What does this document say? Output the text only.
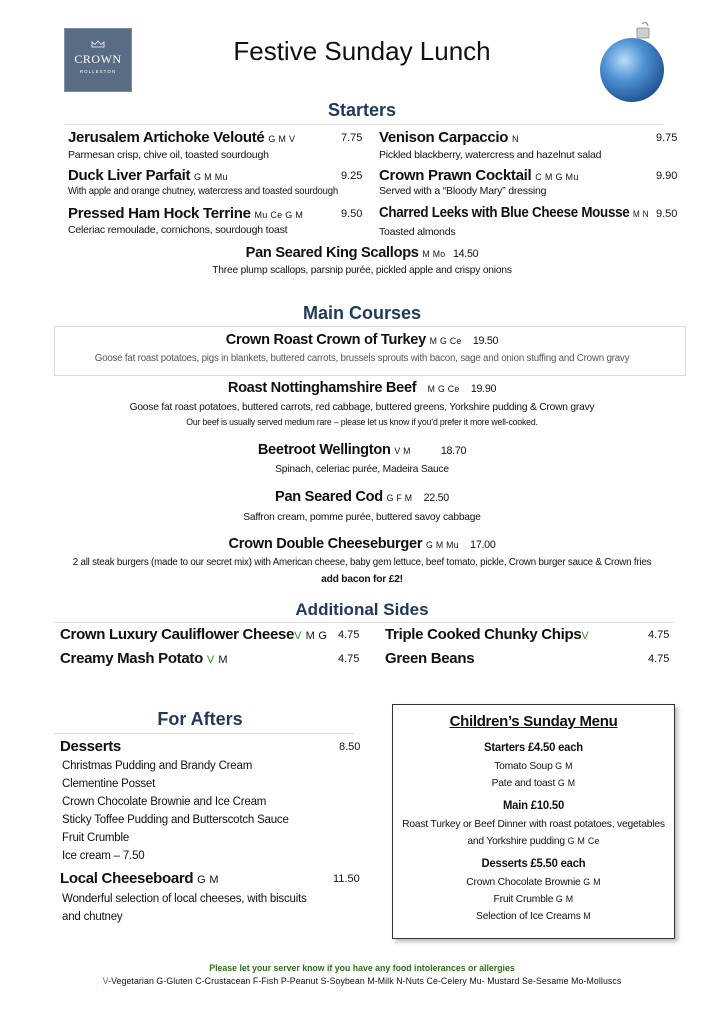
CROWN
ROLLESTON
Festive Sunday Lunch
Starters
Jerusalem Artichoke Velouté G M V	7.75
Parmesan crisp, chive oil, toasted sourdough
Duck Liver Parfait G M Mu	9.25
With apple and orange chutney, watercress and toasted sourdough
Pressed Ham Hock Terrine Mu Ce G M	9.50
Celeriac remoulade, cornichons, sourdough toast
Venison Carpaccio N	9.75
Pickled blackberry, watercress and hazelnut salad
Crown Prawn Cocktail C M G Mu	9.90
Served with a “Bloody Mary” dressing
Charred Leeks with Blue Cheese Mousse M N 9.50
Toasted almonds
Pan Seared King Scallops M Mo 14.50
Three plump scallops, parsnip purée, pickled apple and crispy onions
Main Courses
Crown Roast Crown of Turkey M G Ce 19.50
Goose fat roast potatoes, pigs in blankets, buttered carrots, brussels sprouts with bacon, sage and onion stuffing and Crown gravy
Roast Nottinghamshire Beef M G Ce 19.90
Goose fat roast potatoes, buttered carrots, red cabbage, buttered greens, Yorkshire pudding & Crown gravy
Our beef is usually served medium rare – please let us know if you’d prefer it more well-cooked.
Beetroot Wellington V M	18.70
Spinach, celeriac purée, Madeira Sauce
Pan Seared Cod G F M 22.50
Saffron cream, pomme purée, buttered savoy cabbage
Crown Double Cheeseburger G M Mu 17.00
2 all steak burgers (made to our secret mix) with American cheese, baby gem lettuce, beef tomato, pickle, Crown burger sauce & Crown fries
add bacon for £2!
Additional Sides
Crown Luxury Cauliflower CheeseV M G 4.75
Creamy Mash Potato V M	4.75
Triple Cooked Chunky ChipsV	4.75
Green Beans	4.75
For Afters
Desserts	8.50
Christmas Pudding and Brandy Cream
Clementine Posset
Crown Chocolate Brownie and Ice Cream
Sticky Toffee Pudding and Butterscotch Sauce
Fruit Crumble
Ice cream – 7.50
Local Cheeseboard G M	11.50
Wonderful selection of local cheeses, with biscuits
and chutney
Children’s Sunday Menu
Starters £4.50 each
Tomato Soup G M
Pate and toast G M
Main £10.50
Roast Turkey or Beef Dinner with roast potatoes, vegetables
and Yorkshire pudding G M Ce
Desserts £5.50 each
Crown Chocolate Brownie G M
Fruit Crumble G M
Selection of Ice Creams M
Please let your server know if you have any food intolerances or allergies
V-Vegetarian G-Gluten C-Crustacean F-Fish P-Peanut S-Soybean M-Milk N-Nuts Ce-Celery Mu- Mustard Se-Sesame Mo-Molluscs
